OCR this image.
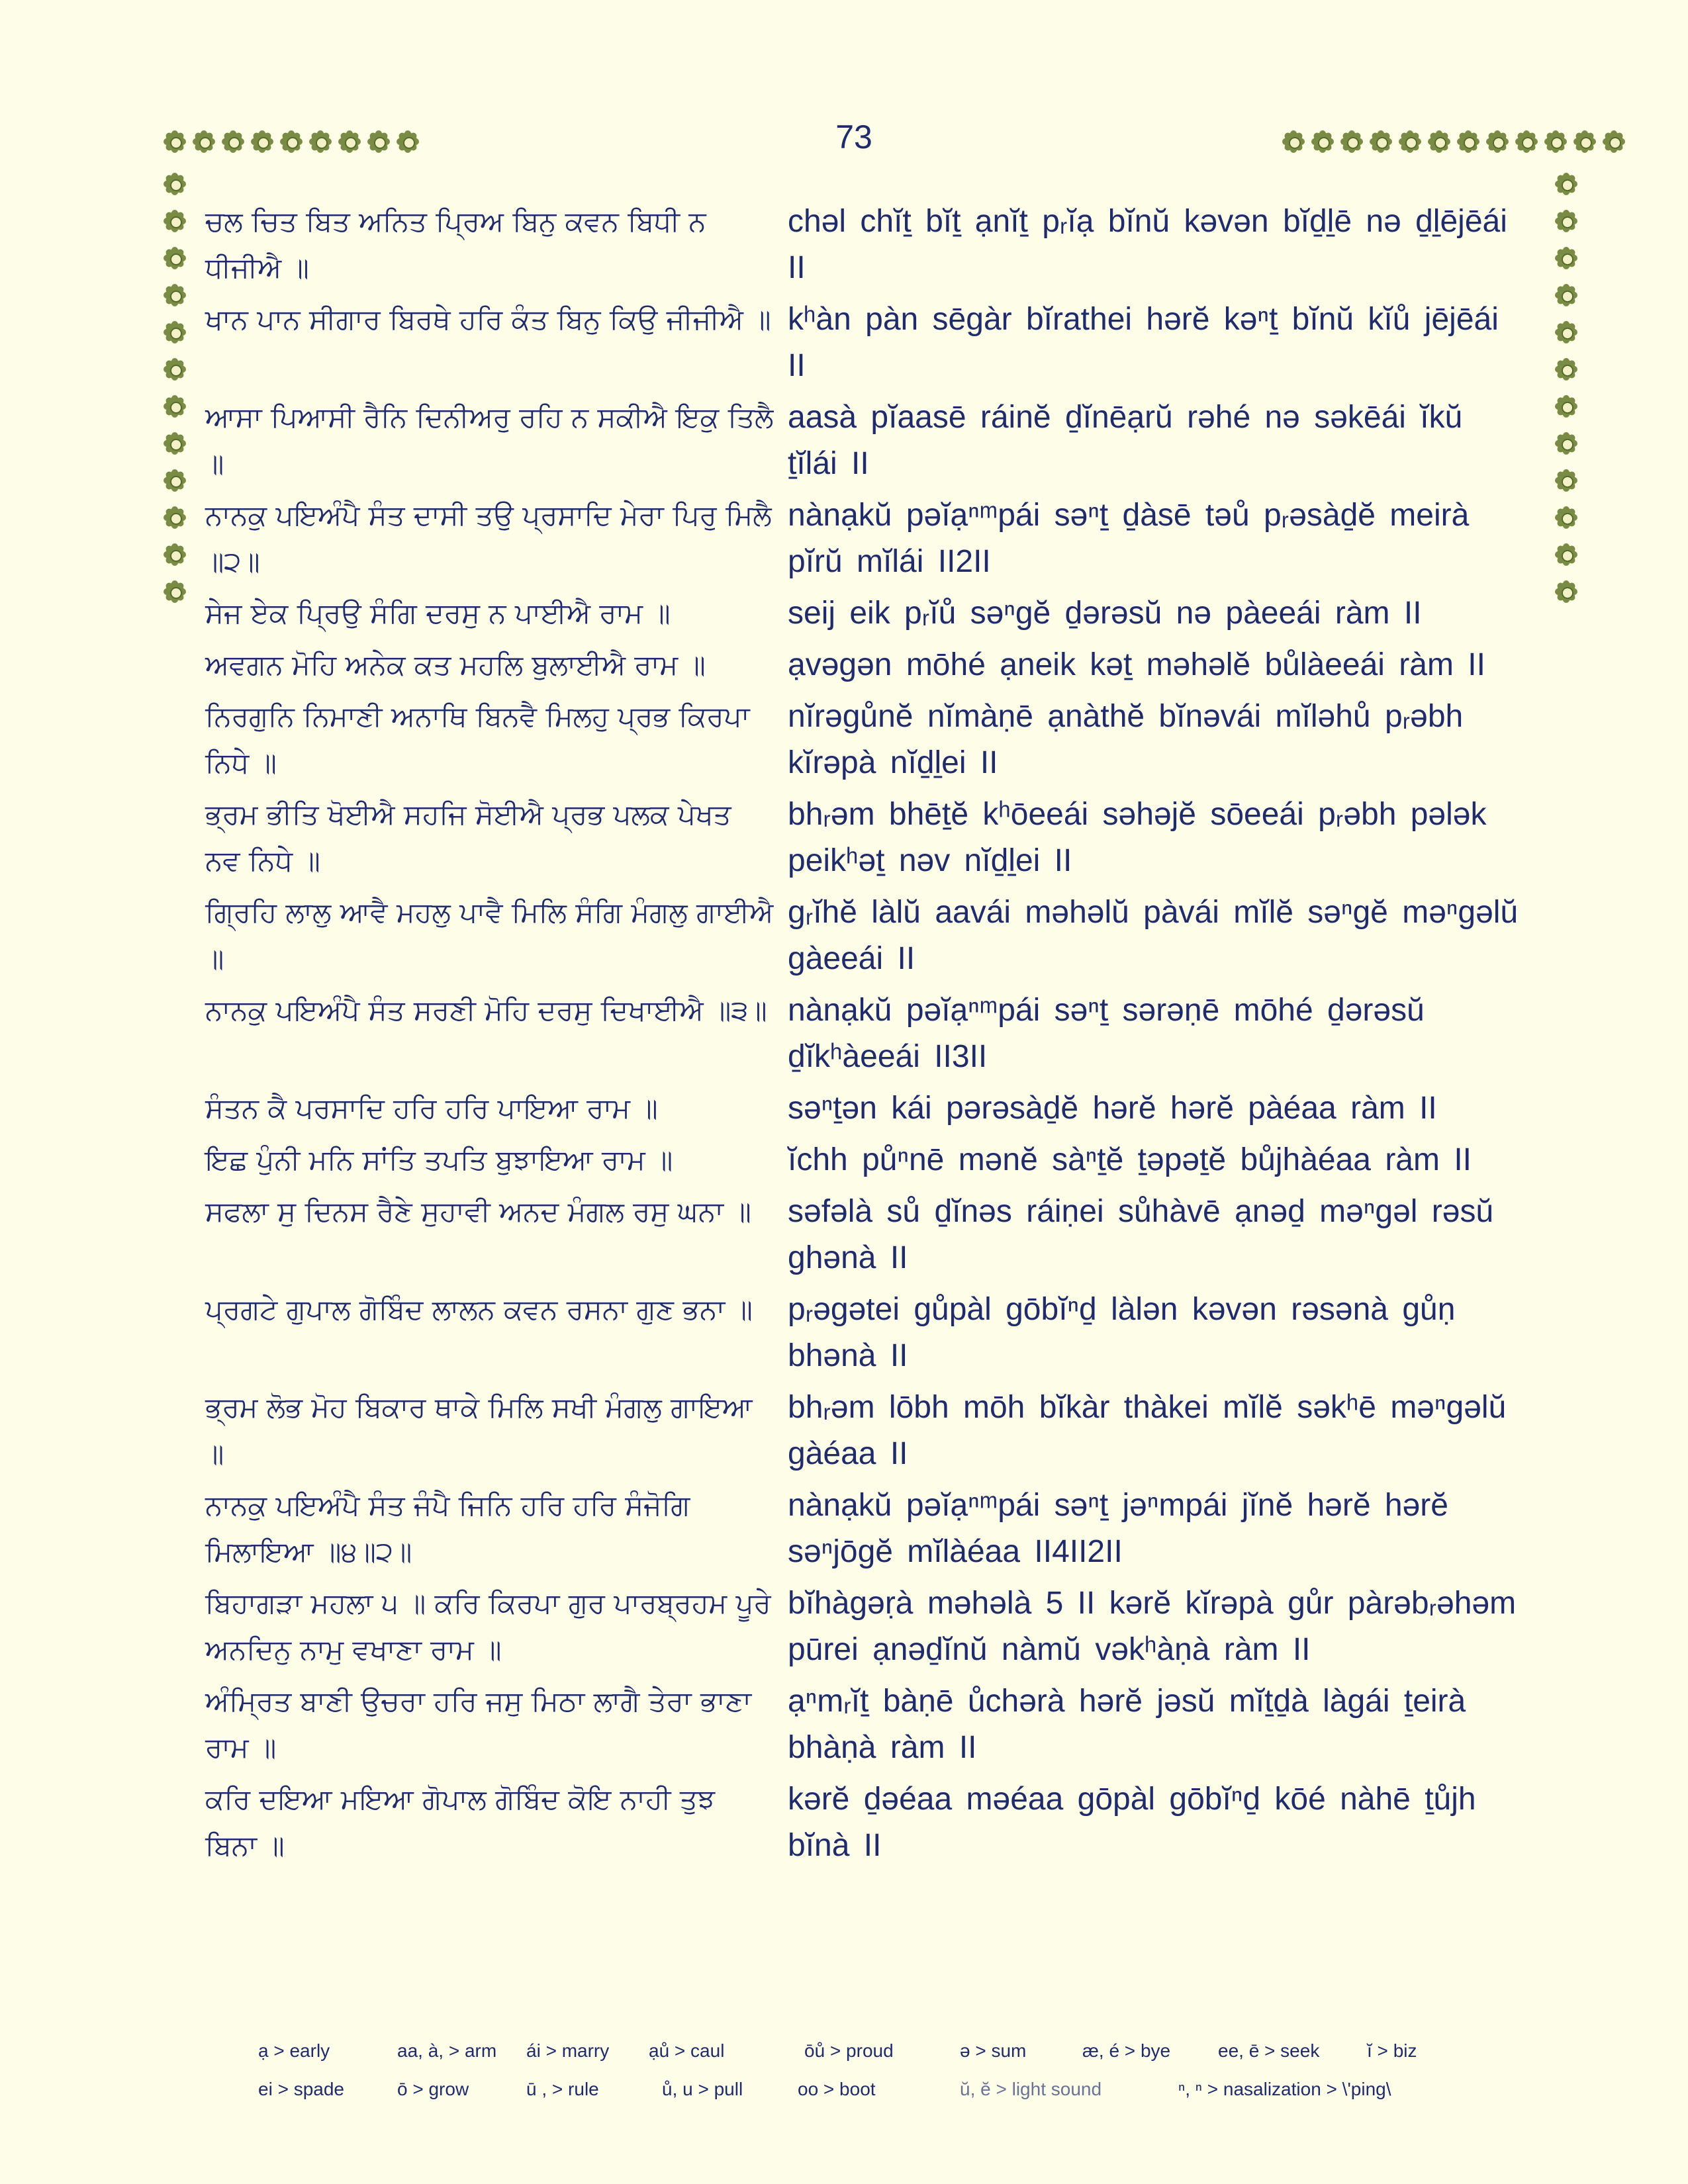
73
ਚਲ ਚਿਤ ਬਿਤ ਅਨਿਤ ਪ੍ਰਿਅ ਬਿਨੁ ਕਵਨ ਬਿਧੀ ਨ ਧੀਜੀਐ ॥
chəl chĭṯ bĭṯ ạnĭṯ pᵣĭạ bĭnŭ kəvən bĭḏḻē nə ḏḻējēái II
ਖਾਨ ਪਾਨ ਸੀਗਾਰ ਬਿਰਥੇ ਹਰਿ ਕੰਤ ਬਿਨੁ ਕਿਉ ਜੀਜੀਐ ॥ kʰàn pàn sēgàr bĭrathei hərĕ kəⁿṯ bĭnŭ kĭů jējēái II
ਆਸਾ ਪਿਆਸੀ ਰੈਨਿ ਦਿਨੀਅਰੁ ਰਹਿ ਨ ਸਕੀਐ ਇਕੁ ਤਿਲੈ ॥
aasà pĭaasē ráinĕ ḏĭnēạrŭ rəhé nə səkēái ĭkŭ ṯĭlái II
ਨਾਨਕੁ ਪਇਅੰਪੈ ਸੰਤ ਦਾਸੀ ਤਉ ਪ੍ਰਸਾਦਿ ਮੇਰਾ ਪਿਰੁ ਮਿਲੈ ॥੨॥
nànạkŭ pəĭạⁿᵐpái səⁿṯ ḏàsē təů pᵣəsàḏĕ meirà pĭrŭ mĭlái II2II
ਸੇਜ ਏਕ ਪ੍ਰਿਉ ਸੰਗਿ ਦਰਸੁ ਨ ਪਾਈਐ ਰਾਮ ॥	seij eik pᵣĭů səⁿgĕ ḏərəsŭ nə pàeeái ràm II
ਅਵਗਨ ਮੋਹਿ ਅਨੇਕ ਕਤ ਮਹਲਿ ਬੁਲਾਈਐ ਰਾਮ ॥	ạvəgən mōhé ạneik kəṯ məhəlĕ bůlàeeái ràm II
ਨਿਰਗੁਨਿ ਨਿਮਾਣੀ ਅਨਾਥਿ ਬਿਨਵੈ ਮਿਲਹੁ ਪ੍ਰਭ ਕਿਰਪਾ ਨਿਧੇ ॥
nĭrəgůnĕ nĭmàṇē ạnàthĕ bĭnəvái mĭləhů pᵣəbh kĭrəpà nĭḏḻei II
ਭ੍ਰਮ ਭੀਤਿ ਖੋਈਐ ਸਹਜਿ ਸੋਈਐ ਪ੍ਰਭ ਪਲਕ ਪੇਖਤ ਨਵ ਨਿਧੇ ॥
bhᵣəm bhēṯĕ kʰōeeái səhəjĕ sōeeái pᵣəbh pələk peikʰəṯ nəv nĭḏḻei II
ਗ੍ਰਿਹਿ ਲਾਲੁ ਆਵੈ ਮਹਲੁ ਪਾਵੈ ਮਿਲਿ ਸੰਗਿ ਮੰਗਲੁ ਗਾਈਐ ॥
gᵣĭhĕ làlŭ aavái məhəlŭ pàvái mĭlĕ səⁿgĕ məⁿgəlŭ gàeeái II
ਨਾਨਕੁ ਪਇਅੰਪੈ ਸੰਤ ਸਰਣੀ ਮੋਹਿ ਦਰਸੁ ਦਿਖਾਈਐ ॥੩॥ nànạkŭ pəĭạⁿᵐpái səⁿṯ sərəṇē mōhé ḏərəsŭ ḏĭkʰàeeái II3II
ਸੰਤਨ ਕੈ ਪਰਸਾਦਿ ਹਰਿ ਹਰਿ ਪਾਇਆ ਰਾਮ ॥	səⁿṯən kái pərəsàḏĕ hərĕ hərĕ pàéaa ràm II
ਇਛ ਪੁੰਨੀ ਮਨਿ ਸਾਂਤਿ ਤਪਤਿ ਬੁਝਾਇਆ ਰਾਮ ॥	ĭchh půⁿnē mənĕ sàⁿṯĕ ṯəpəṯĕ bůjhàéaa ràm II
ਸਫਲਾ ਸੁ ਦਿਨਸ ਰੈਣੇ ਸੁਹਾਵੀ ਅਨਦ ਮੰਗਲ ਰਸੁ ਘਨਾ ॥	səfəlà sů ḏĭnəs ráiṇei sůhàvē ạnəḏ məⁿgəl rəsŭ ghənà II
ਪ੍ਰਗਟੇ ਗੁਪਾਲ ਗੋਬਿੰਦ ਲਾਲਨ ਕਵਨ ਰਸਨਾ ਗੁਣ ਭਨਾ ॥	pᵣəgətei gůpàl gōbĭⁿḏ làlən kəvən rəsənà gůṇ bhənà II
ਭ੍ਰਮ ਲੋਭ ਮੋਹ ਬਿਕਾਰ ਥਾਕੇ ਮਿਲਿ ਸਖੀ ਮੰਗਲੁ ਗਾਇਆ ॥
bhᵣəm lōbh mōh bĭkàr thàkei mĭlĕ səkʰē məⁿgəlŭ gàéaa II
ਨਾਨਕੁ ਪਇਅੰਪੈ ਸੰਤ ਜੰਪੈ ਜਿਨਿ ਹਰਿ ਹਰਿ ਸੰਜੋਗਿ ਮਿਲਾਇਆ ॥੪॥੨॥
nànạkŭ pəĭạⁿᵐpái səⁿṯ jəⁿmpái jĭnĕ hərĕ hərĕ səⁿjōgĕ mĭlàéaa II4II2II
ਬਿਹਾਗੜਾ ਮਹਲਾ ੫ ॥ ਕਰਿ ਕਿਰਪਾ ਗੁਰ ਪਾਰਬ੍ਰਹਮ ਪੂਰੇ ਅਨਦਿਨੁ ਨਾਮੁ ਵਖਾਣਾ ਰਾਮ ॥
bĭhàgəṛà məhəlà 5 II kərĕ kĭrəpà gůr pàrəbᵣəhəm pūrei ạnəḏĭnŭ nàmŭ vəkʰàṇà ràm II
ਅੰਮ੍ਰਿਤ ਬਾਣੀ ਉਚਰਾ ਹਰਿ ਜਸੁ ਮਿਠਾ ਲਾਗੈ ਤੇਰਾ ਭਾਣਾ ਰਾਮ ॥
ạⁿmᵣĭṯ bàṇē ůchərà hərĕ jəsŭ mĭṯḏà làgái ṯeirà bhàṇà ràm II
ਕਰਿ ਦਇਆ ਮਇਆ ਗੋਪਾਲ ਗੋਬਿੰਦ ਕੋਇ ਨਾਹੀ ਤੁਝ ਬਿਨਾ ॥
kərĕ ḏəéaa məéaa gōpàl gōbĭⁿḏ kōé nàhē ṯůjh bĭnà II
ạ > early	aa, à, > arm	ái > marry	ạů > caul	ōů > proud	ə > sum	æ, é > bye	ee, ē > seek	ĭ > biz
ei > spade	ō > grow	ū , > rule	ů, u > pull	oo > boot	ŭ, ĕ > light sound	ⁿ, ⁿ > nasalization > \'ping\
